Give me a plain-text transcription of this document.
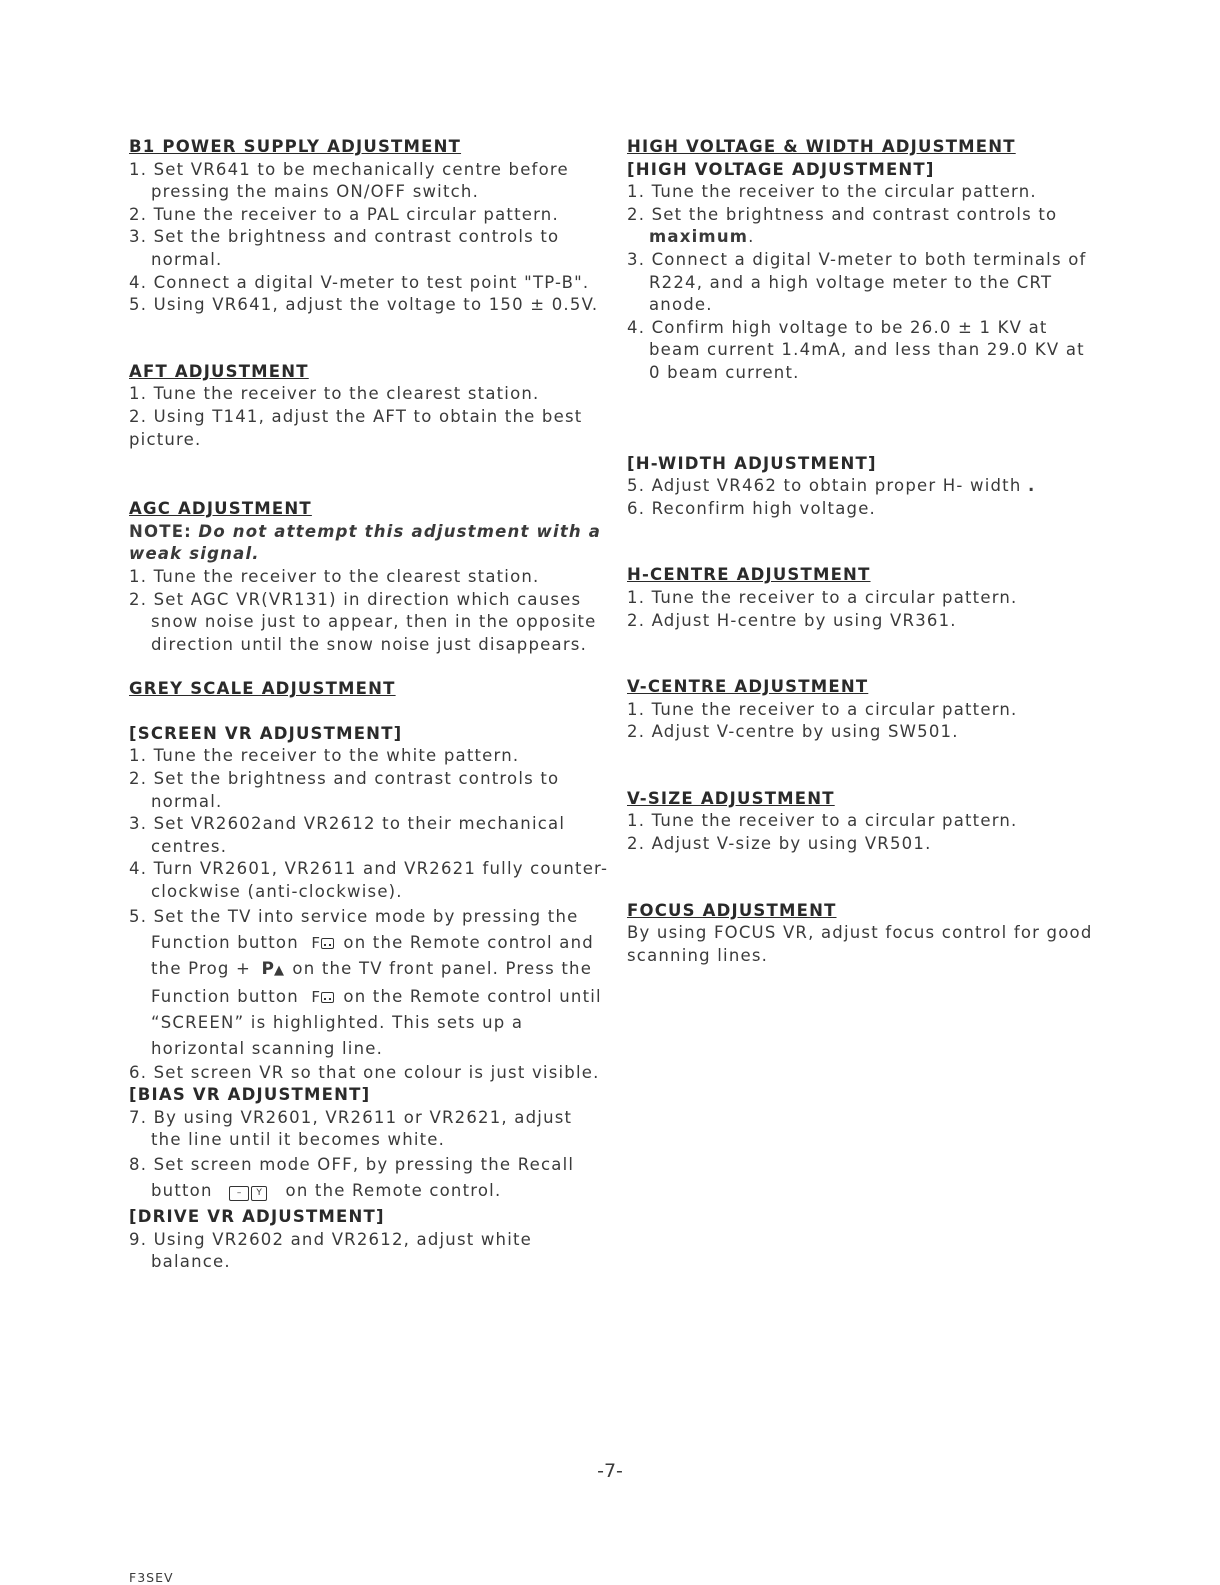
B1 POWER SUPPLY ADJUSTMENT
1. Set VR641 to be mechanically centre before pressing the mains ON/OFF switch.
2. Tune the receiver to a PAL circular pattern.
3. Set the brightness and contrast controls to normal.
4. Connect a digital V-meter to test point "TP-B".
5. Using VR641, adjust the voltage to 150 ± 0.5V.
AFT ADJUSTMENT
1. Tune the receiver to the clearest station.
2. Using T141, adjust the AFT to obtain the best picture.
AGC ADJUSTMENT
NOTE: Do not attempt this adjustment with a weak signal.
1. Tune the receiver to the clearest station.
2. Set AGC VR(VR131) in direction which causes snow noise just to appear, then in the opposite direction until the snow noise just disappears.
GREY SCALE ADJUSTMENT
[SCREEN VR ADJUSTMENT]
1. Tune the receiver to the white pattern.
2. Set the brightness and contrast controls to normal.
3. Set VR2602and VR2612 to their mechanical centres.
4. Turn VR2601, VR2611 and VR2621 fully counter-clockwise (anti-clockwise).
5. Set the TV into service mode by pressing the Function button F on the Remote control and the Prog + P▲ on the TV front panel. Press the Function button F on the Remote control until “SCREEN” is highlighted. This sets up a horizontal scanning line.
6. Set screen VR so that one colour is just visible.
[BIAS VR ADJUSTMENT]
7. By using VR2601, VR2611 or VR2621, adjust the line until it becomes white.
8. Set screen mode OFF, by pressing the Recall button	– Y on the Remote control.
[DRIVE VR ADJUSTMENT]
9. Using VR2602 and VR2612, adjust white balance.
HIGH VOLTAGE & WIDTH ADJUSTMENT
[HIGH VOLTAGE ADJUSTMENT]
1. Tune the receiver to the circular pattern.
2. Set the brightness and contrast controls to maximum.
3. Connect a digital V-meter to both terminals of R224, and a high voltage meter to the CRT anode.
4. Confirm high voltage to be 26.0 ± 1 KV at beam current 1.4mA, and less than 29.0 KV at 0 beam current.
[H-WIDTH ADJUSTMENT]
5. Adjust VR462 to obtain proper H- width .
6. Reconfirm high voltage.
H-CENTRE ADJUSTMENT
1. Tune the receiver to a circular pattern.
2. Adjust H-centre by using VR361.
V-CENTRE ADJUSTMENT
1. Tune the receiver to a circular pattern.
2. Adjust V-centre by using SW501.
V-SIZE ADJUSTMENT
1. Tune the receiver to a circular pattern.
2. Adjust V-size by using VR501.
FOCUS ADJUSTMENT
By using FOCUS VR, adjust focus control for good scanning lines.
-7-
F3SEV
